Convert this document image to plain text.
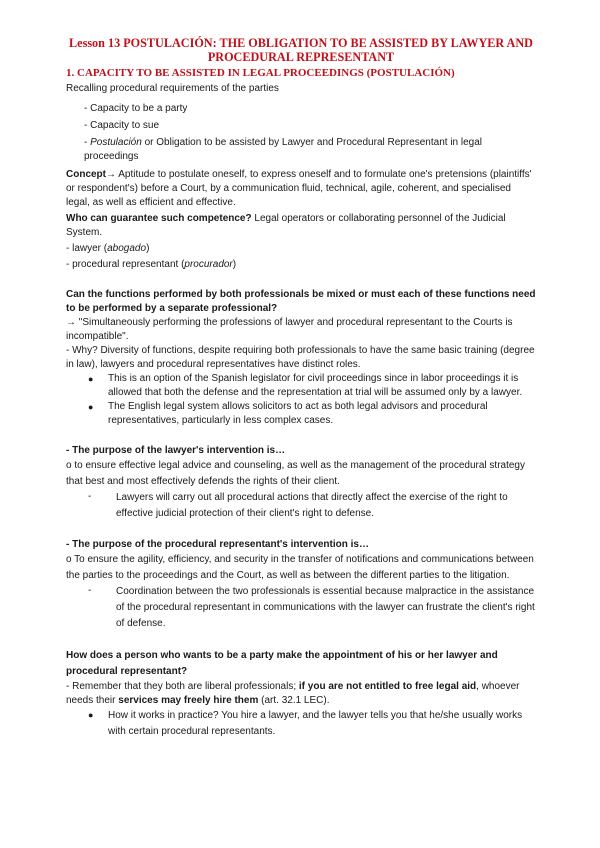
Lesson 13 POSTULACIÓN: THE OBLIGATION TO BE ASSISTED BY LAWYER AND PROCEDURAL REPRESENTANT

1. CAPACITY TO BE ASSISTED IN LEGAL PROCEEDINGS (POSTULACIÓN)

Recalling procedural requirements of the parties

- Capacity to be a party

- Capacity to sue

- Postulación or Obligation to be assisted by Lawyer and Procedural Representant in legal proceedings

Concept→ Aptitude to postulate oneself, to express oneself and to formulate one's pretensions (plaintiffs' or respondent's) before a Court, by a communication fluid, technical, agile, coherent, and specialised legal, as well as efficient and effective.

Who can guarantee such competence? Legal operators or collaborating personnel of the Judicial System.

- lawyer (abogado)

- procedural representant (procurador)

Can the functions performed by both professionals be mixed or must each of these functions need to be performed by a separate professional?

→ "Simultaneously performing the professions of lawyer and procedural representant to the Courts is incompatible".

- Why? Diversity of functions, despite requiring both professionals to have the same basic training (degree in law), lawyers and procedural representatives have distinct roles.

●	This is an option of the Spanish legislator for civil proceedings since in labor proceedings it is allowed that both the defense and the representation at trial will be assumed only by a lawyer.
●	The English legal system allows solicitors to act as both legal advisors and procedural representatives, particularly in less complex cases.

- The purpose of the lawyer's intervention is…

o to ensure effective legal advice and counseling, as well as the management of the procedural strategy that best and most effectively defends the rights of their client.

-	Lawyers will carry out all procedural actions that directly affect the exercise of the right to effective judicial protection of their client's right to defense.

- The purpose of the procedural representant's intervention is…

o To ensure the agility, efficiency, and security in the transfer of notifications and communications between the parties to the proceedings and the Court, as well as between the different parties to the litigation.

-	Coordination between the two professionals is essential because malpractice in the assistance of the procedural representant in communications with the lawyer can frustrate the client's right of defense.

How does a person who wants to be a party make the appointment of his or her lawyer and procedural representant?

- Remember that they both are liberal professionals; if you are not entitled to free legal aid, whoever needs their services may freely hire them (art. 32.1 LEC).

●	How it works in practice? You hire a lawyer, and the lawyer tells you that he/she usually works with certain procedural representants.
